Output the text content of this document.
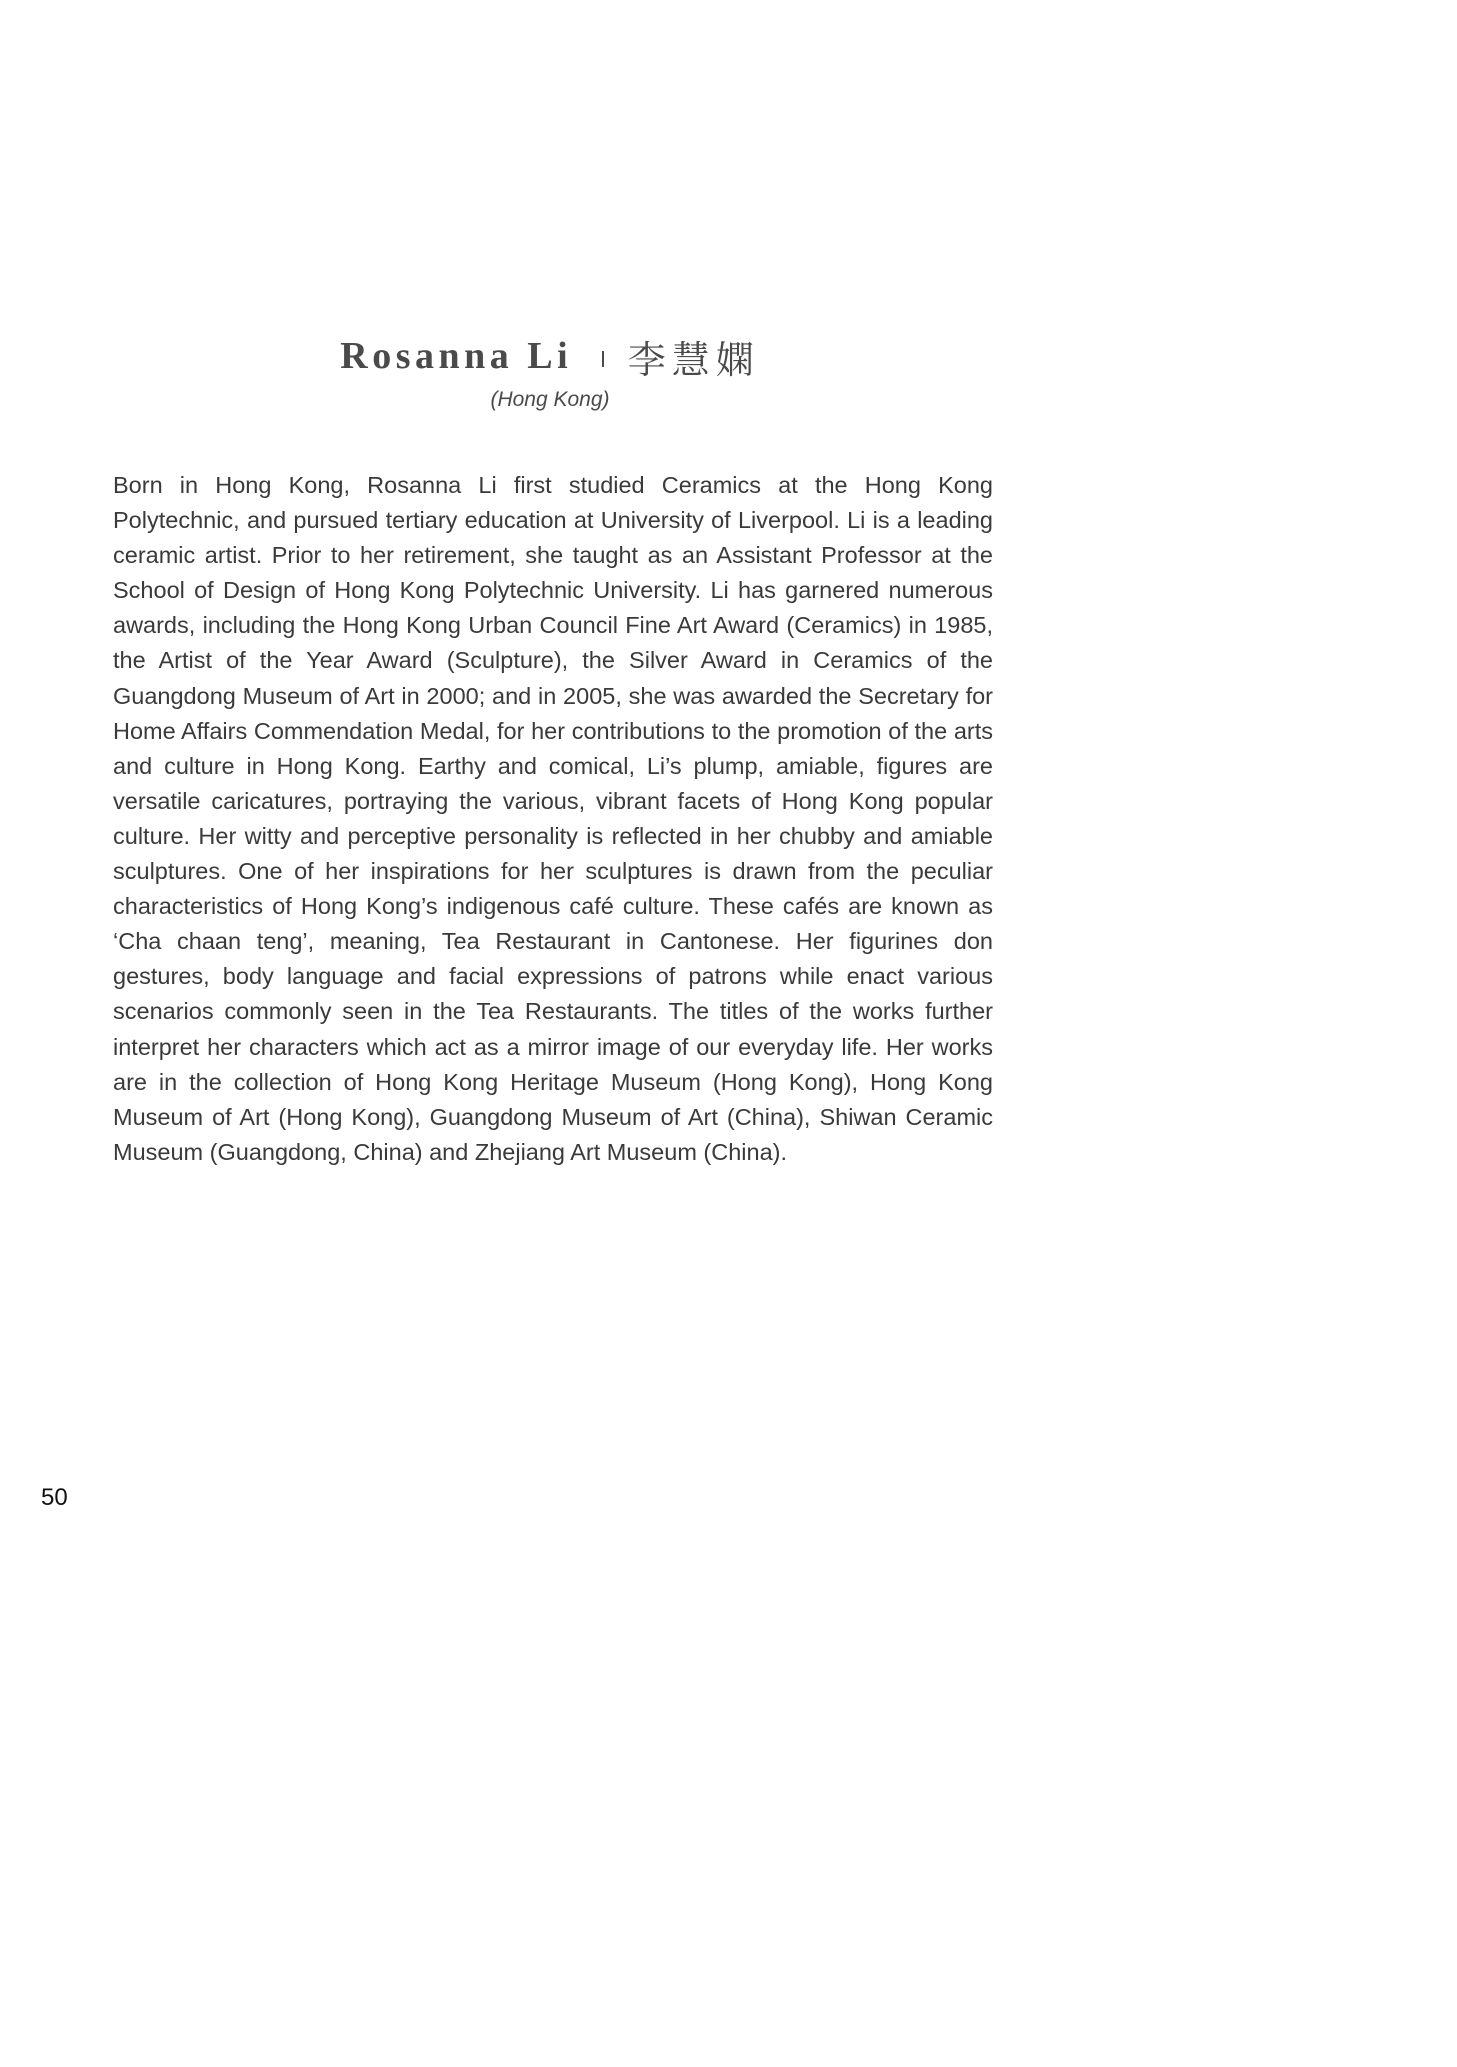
Rosanna Li 李慧嫻
(Hong Kong)

Born in Hong Kong, Rosanna Li first studied Ceramics at the Hong Kong Polytechnic, and pursued tertiary education at University of Liverpool. Li is a leading ceramic artist. Prior to her retirement, she taught as an Assistant Professor at the School of Design of Hong Kong Polytechnic University. Li has garnered numerous awards, including the Hong Kong Urban Council Fine Art Award (Ceramics) in 1985, the Artist of the Year Award (Sculpture), the Silver Award in Ceramics of the Guangdong Museum of Art in 2000; and in 2005, she was awarded the Secretary for Home Affairs Commendation Medal, for her contributions to the promotion of the arts and culture in Hong Kong. Earthy and comical, Li’s plump, amiable, figures are versatile caricatures, portraying the various, vibrant facets of Hong Kong popular culture. Her witty and perceptive personality is reflected in her chubby and amiable sculptures. One of her inspirations for her sculptures is drawn from the peculiar characteristics of Hong Kong’s indigenous café culture. These cafés are known as ‘Cha chaan teng’, meaning, Tea Restaurant in Cantonese. Her figurines don gestures, body language and facial expressions of patrons while enact various scenarios commonly seen in the Tea Restaurants. The titles of the works further interpret her characters which act as a mirror image of our everyday life. Her works are in the collection of Hong Kong Heritage Museum (Hong Kong), Hong Kong Museum of Art (Hong Kong), Guangdong Museum of Art (China), Shiwan Ceramic Museum (Guangdong, China) and Zhejiang Art Museum (China).

50
